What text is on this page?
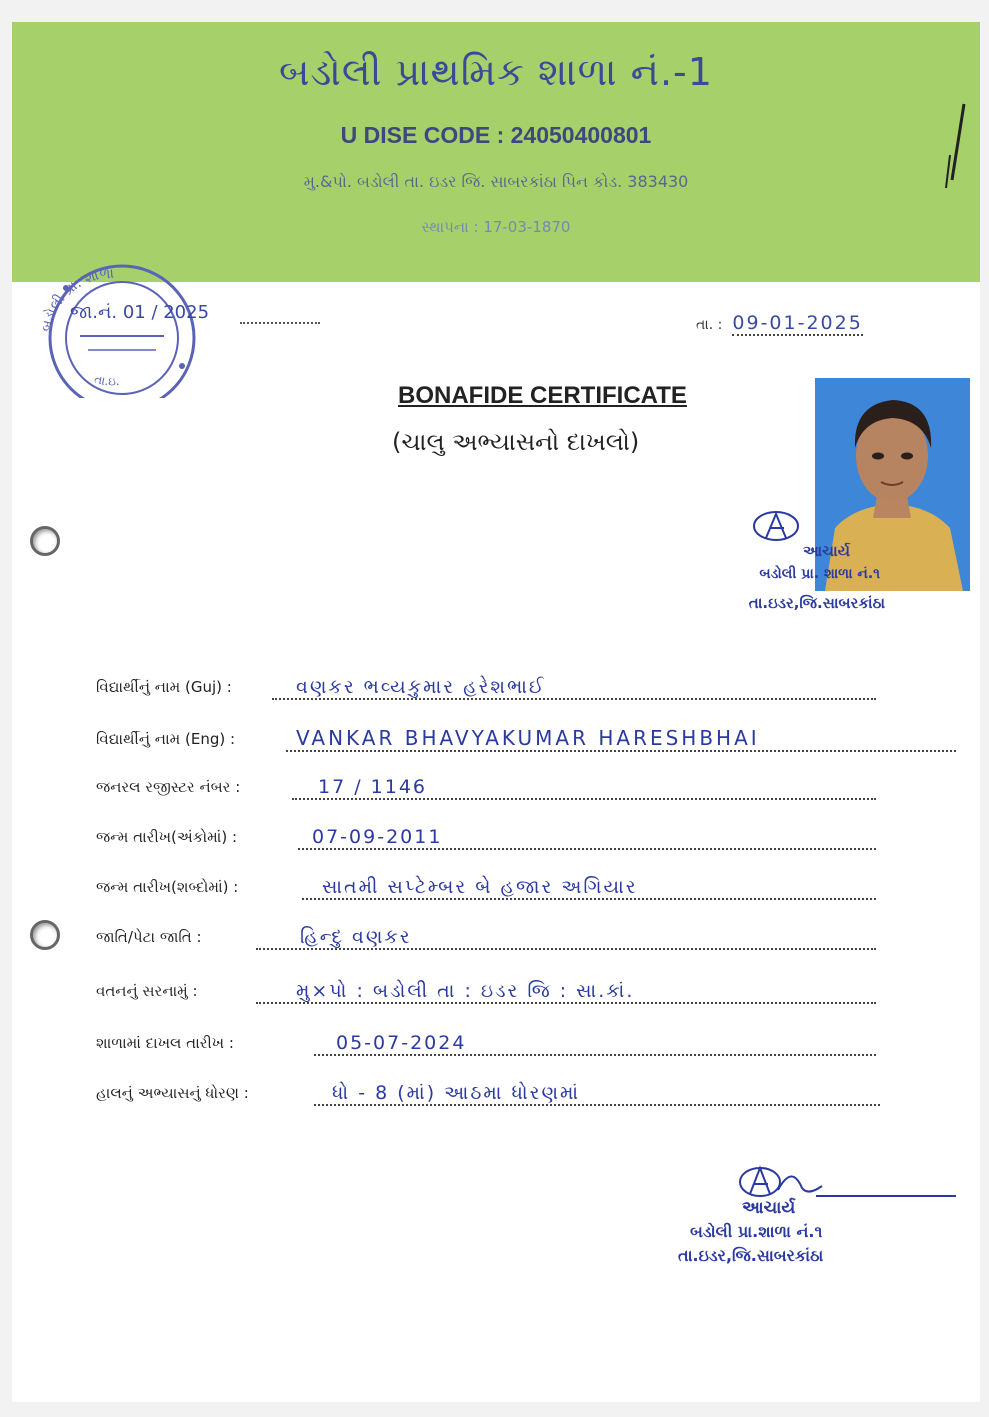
બડોલી પ્રાથમિક શાળા નં.-1
U DISE CODE : 24050400801
મુ.&પો. બડોલી તા. ઇડર જિ. સાબરકાંઠા પિન કોડ. 383430
સ્થાપના : 17-03-1870
બડોલી પ્રા. શાળા
તા.ઇ.
જા.નં. 01 / 2025
તા. : 09-01-2025
BONAFIDE CERTIFICATE
(ચાલુ અભ્યાસનો દાખલો)
આચાર્ય
બડોલી પ્રા. શાળા નં.૧
તા.ઇડર,જિ.સાબરકાંઠા
વિદ્યાર્થીનું નામ (Guj) :	વણકર ભવ્યકુમાર હરેશભાઈ
વિદ્યાર્થીનું નામ (Eng) :	VANKAR BHAVYAKUMAR HARESHBHAI
જનરલ રજીસ્ટર નંબર :	17 / 1146
જન્મ તારીખ(અંકોમાં) :	07-09-2011
જન્મ તારીખ(શબ્દોમાં) :	સાતમી સપ્ટેમ્બર બે હજાર અગિયાર
જાતિ/પેટા જાતિ :	હિન્દુ વણકર
વતનનું સરનામું :	મુ×પો : બડોલી તા : ઇડર જિ : સા.કાં.
શાળામાં દાખલ તારીખ :	05-07-2024
હાલનું અભ્યાસનું ધોરણ :	ધો - 8 (માં) આઠમા ધોરણમાં
આચાર્ય
બડોલી પ્રા.શાળા નં.૧
તા.ઇડર,જિ.સાબરકાંઠા
